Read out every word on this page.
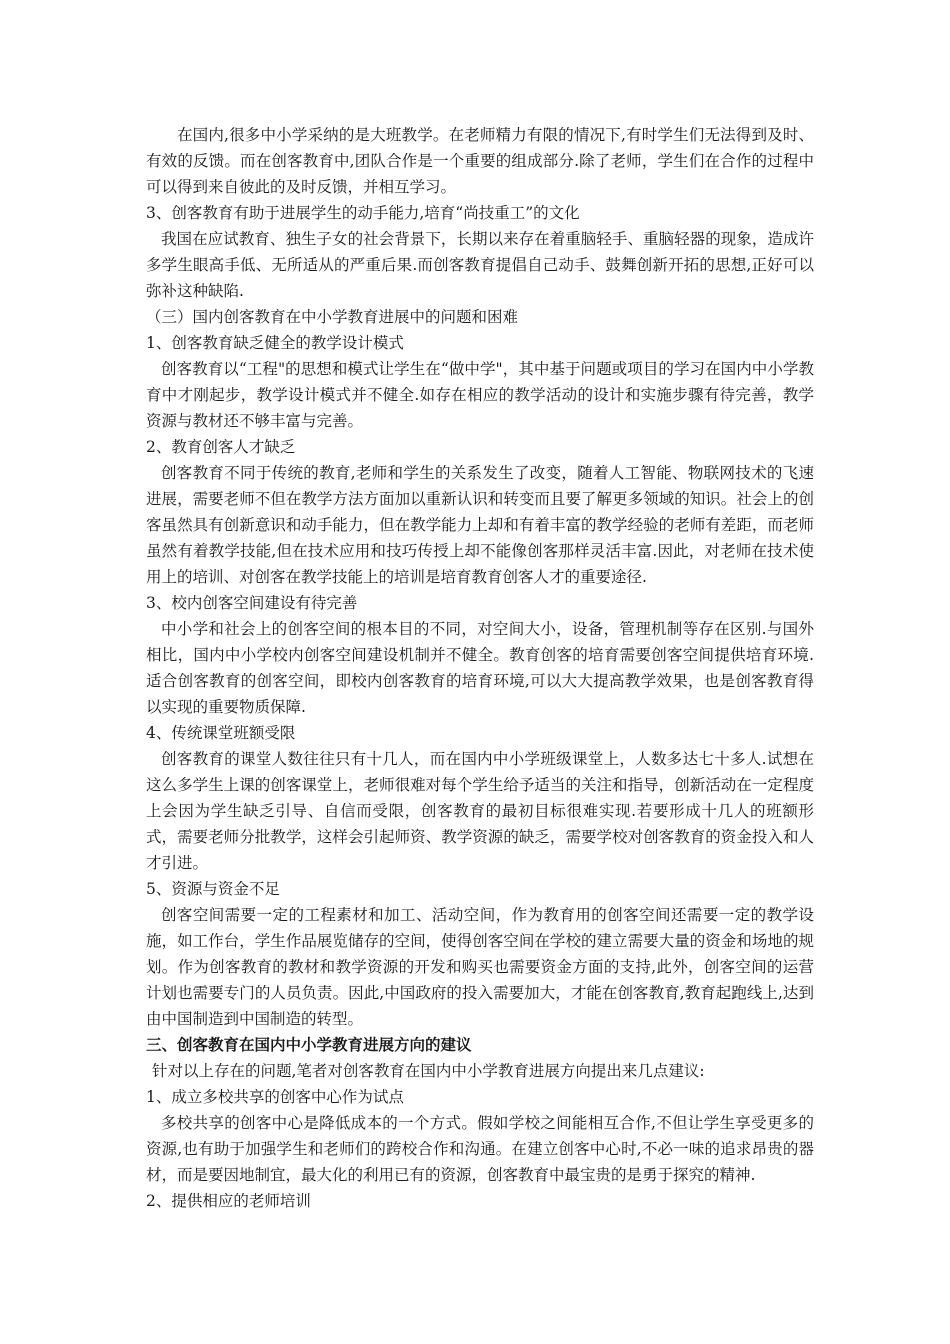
在国内,很多中小学采纳的是大班教学。在老师精力有限的情况下,有时学生们无法得到及时、有效的反馈。而在创客教育中,团队合作是一个重要的组成部分.除了老师，学生们在合作的过程中可以得到来自彼此的及时反馈，并相互学习。
3、创客教育有助于进展学生的动手能力,培育“尚技重工”的文化
我国在应试教育、独生子女的社会背景下，长期以来存在着重脑轻手、重脑轻器的现象，造成许多学生眼高手低、无所适从的严重后果.而创客教育提倡自己动手、鼓舞创新开拓的思想,正好可以弥补这种缺陷.
（三）国内创客教育在中小学教育进展中的问题和困难
1、创客教育缺乏健全的教学设计模式
创客教育以“工程"的思想和模式让学生在“做中学"，其中基于问题或项目的学习在国内中小学教育中才刚起步，教学设计模式并不健全.如存在相应的教学活动的设计和实施步骤有待完善，教学资源与教材还不够丰富与完善。
2、教育创客人才缺乏
创客教育不同于传统的教育,老师和学生的关系发生了改变，随着人工智能、物联网技术的飞速进展，需要老师不但在教学方法方面加以重新认识和转变而且要了解更多领域的知识。社会上的创客虽然具有创新意识和动手能力，但在教学能力上却和有着丰富的教学经验的老师有差距，而老师虽然有着教学技能,但在技术应用和技巧传授上却不能像创客那样灵活丰富.因此，对老师在技术使用上的培训、对创客在教学技能上的培训是培育教育创客人才的重要途径.
3、校内创客空间建设有待完善
中小学和社会上的创客空间的根本目的不同，对空间大小，设备，管理机制等存在区别.与国外相比，国内中小学校内创客空间建设机制并不健全。教育创客的培育需要创客空间提供培育环境.适合创客教育的创客空间，即校内创客教育的培育环境,可以大大提高教学效果，也是创客教育得以实现的重要物质保障.
4、传统课堂班额受限
创客教育的课堂人数往往只有十几人，而在国内中小学班级课堂上，人数多达七十多人.试想在这么多学生上课的创客课堂上，老师很难对每个学生给予适当的关注和指导，创新活动在一定程度上会因为学生缺乏引导、自信而受限，创客教育的最初目标很难实现.若要形成十几人的班额形式，需要老师分批教学，这样会引起师资、教学资源的缺乏，需要学校对创客教育的资金投入和人才引进。
5、资源与资金不足
创客空间需要一定的工程素材和加工、活动空间，作为教育用的创客空间还需要一定的教学设施，如工作台，学生作品展览储存的空间，使得创客空间在学校的建立需要大量的资金和场地的规划。作为创客教育的教材和教学资源的开发和购买也需要资金方面的支持,此外，创客空间的运营计划也需要专门的人员负责。因此,中国政府的投入需要加大，才能在创客教育,教育起跑线上,达到由中国制造到中国制造的转型。
三、创客教育在国内中小学教育进展方向的建议
针对以上存在的问题,笔者对创客教育在国内中小学教育进展方向提出来几点建议:
1、成立多校共享的创客中心作为试点
多校共享的创客中心是降低成本的一个方式。假如学校之间能相互合作,不但让学生享受更多的资源,也有助于加强学生和老师们的跨校合作和沟通。在建立创客中心时,不必一味的追求昂贵的器材，而是要因地制宜，最大化的利用已有的资源，创客教育中最宝贵的是勇于探究的精神.
2、提供相应的老师培训
